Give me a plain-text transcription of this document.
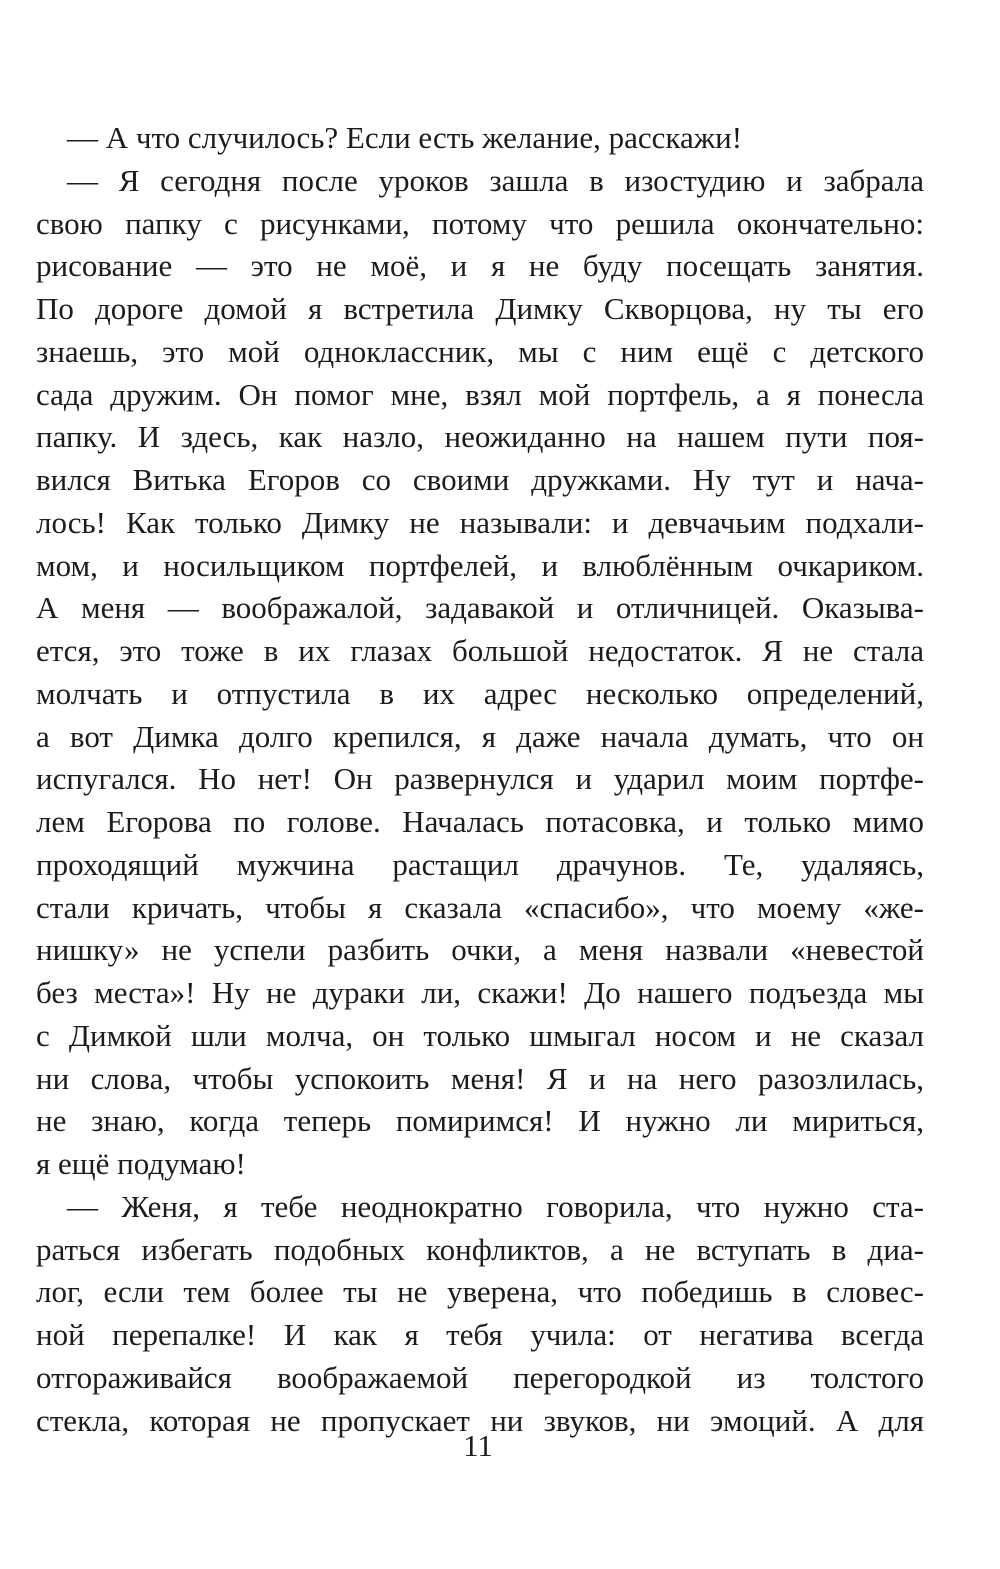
— А что случилось? Если есть желание, расскажи!
— Я сегодня после уроков зашла в изостудию и забрала
свою папку с рисунками, потому что решила окончательно:
рисование — это не моё, и я не буду посещать занятия.
По дороге домой я встретила Димку Скворцова, ну ты его
знаешь, это мой одноклассник, мы с ним ещё с детского
сада дружим. Он помог мне, взял мой портфель, а я понесла
папку. И здесь, как назло, неожиданно на нашем пути поя-
вился Витька Егоров со своими дружками. Ну тут и нача-
лось! Как только Димку не называли: и девчачьим подхали-
мом, и носильщиком портфелей, и влюблённым очкариком.
А меня — воображалой, задавакой и отличницей. Оказыва-
ется, это тоже в их глазах большой недостаток. Я не стала
молчать и отпустила в их адрес несколько определений,
а вот Димка долго крепился, я даже начала думать, что он
испугался. Но нет! Он развернулся и ударил моим портфе-
лем Егорова по голове. Началась потасовка, и только мимо
проходящий мужчина растащил драчунов. Те, удаляясь,
стали кричать, чтобы я сказала «спасибо», что моему «же-
нишку» не успели разбить очки, а меня назвали «невестой
без места»! Ну не дураки ли, скажи! До нашего подъезда мы
с Димкой шли молча, он только шмыгал носом и не сказал
ни слова, чтобы успокоить меня! Я и на него разозлилась,
не знаю, когда теперь помиримся! И нужно ли мириться,
я ещё подумаю!
— Женя, я тебе неоднократно говорила, что нужно ста-
раться избегать подобных конфликтов, а не вступать в диа-
лог, если тем более ты не уверена, что победишь в словес-
ной перепалке! И как я тебя учила: от негатива всегда
отгораживайся воображаемой перегородкой из толстого
стекла, которая не пропускает ни звуков, ни эмоций. А для
11
